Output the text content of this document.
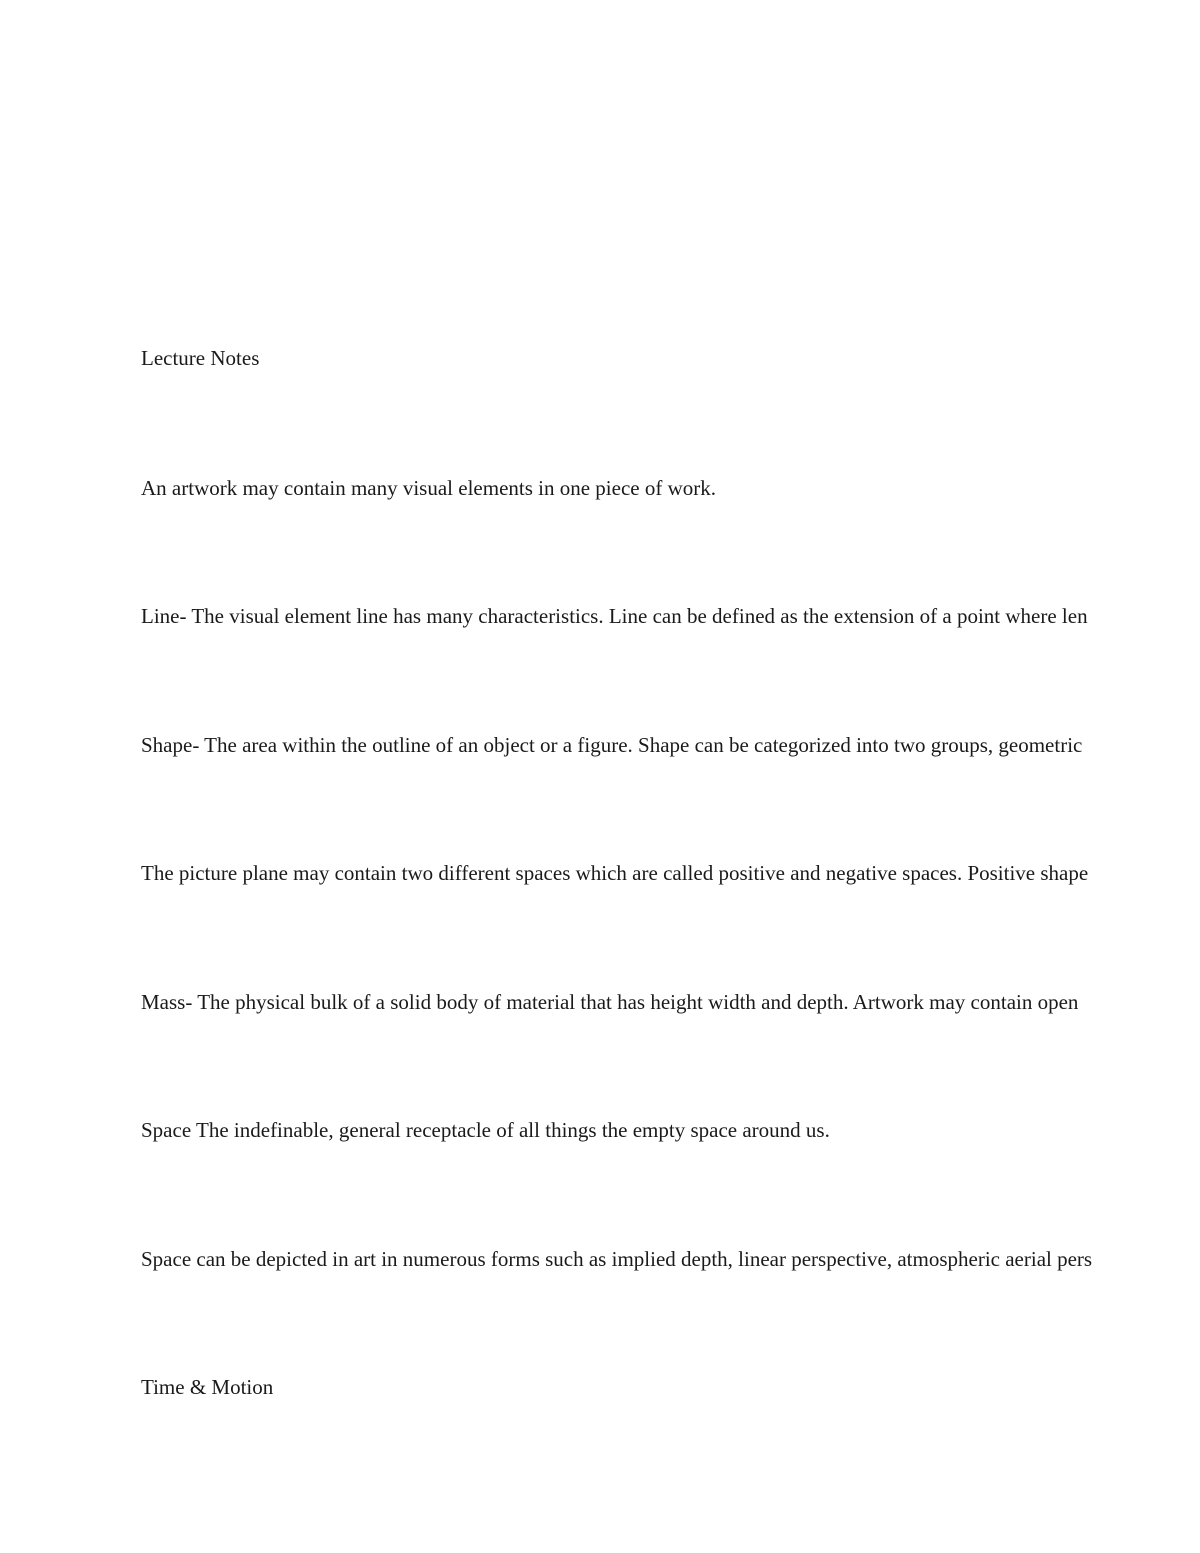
Lecture Notes
An artwork may contain many visual elements in one piece of work.
Line- The visual element line has many characteristics. Line can be defined as the extension of a point where len
Shape- The area within the outline of an object or a figure. Shape can be categorized into two groups, geometric
The picture plane may contain two different spaces which are called positive and negative spaces. Positive shape
Mass- The physical bulk of a solid body of material that has height width and depth. Artwork may contain open
Space The indefinable, general receptacle of all things the empty space around us.
Space can be depicted in art in numerous forms such as implied depth, linear perspective, atmospheric aerial pers
Time & Motion
